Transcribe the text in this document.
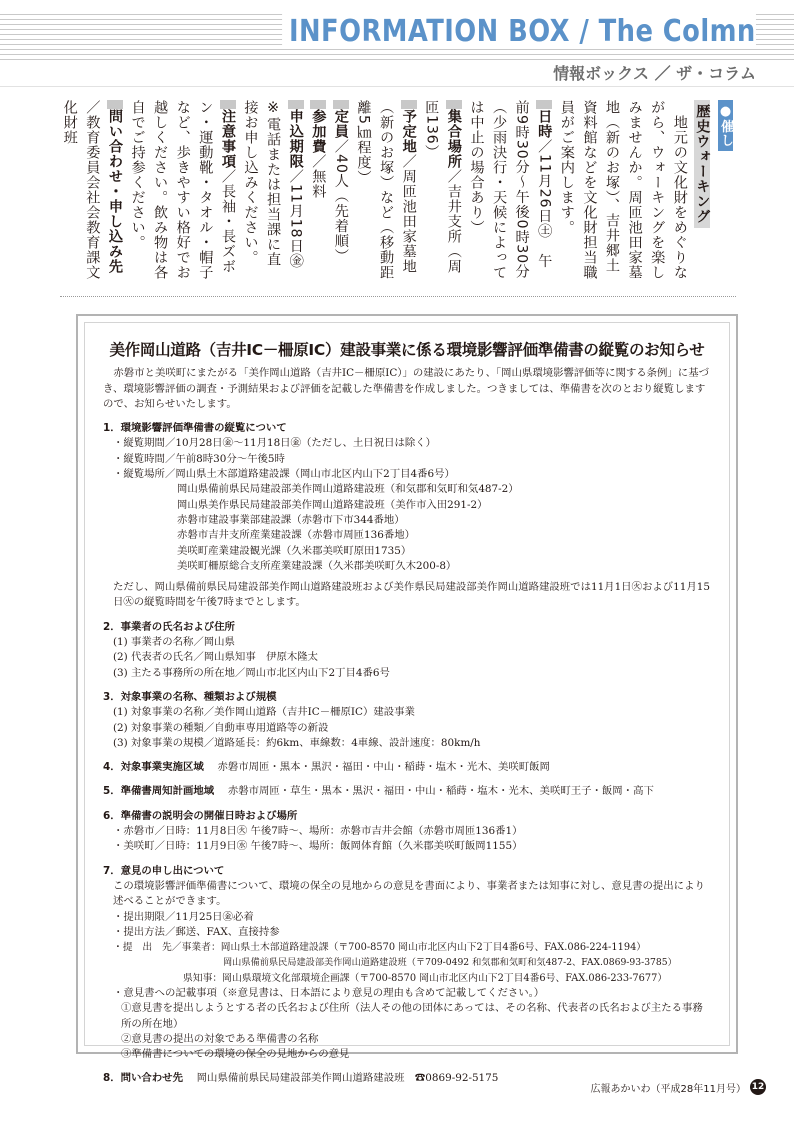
INFORMATION BOX / The Colmn
情報ボックス ／ ザ・コラム

●催し

歴史ウォーキング

　地元の文化財をめぐりながら、ウォーキングを楽しみませんか。周匝池田家墓地（新のお塚）、吉井郷土資料館などを文化財担当職員がご案内します。

日時／11月26日㊏　午前9時30分～午後0時30分（少雨決行・天候によっては中止の場合あり）

集合場所／吉井支所（周匝136）

予定地／周匝池田家墓地（新のお塚）など（移動距離5㎞程度）

定員／40人（先着順）

参加費／無料

申込期限／11月18日㊎

※電話または担当課に直接お申し込みください。

注意事項／長袖・長ズボン・運動靴・タオル・帽子など、歩きやすい格好でお越しください。飲み物は各自でご持参ください。

問い合わせ・申し込み先／教育委員会社会教育課文化財班

美作岡山道路（吉井IC－柵原IC）建設事業に係る環境影響評価準備書の縦覧のお知らせ
赤磐市と美咲町にまたがる「美作岡山道路（吉井IC－柵原IC）」の建設にあたり、「岡山県環境影響評価等に関する条例」に基づき、環境影響評価の調査・予測結果および評価を記載した準備書を作成しました。つきましては、準備書を次のとおり縦覧しますので、お知らせいたします。
1．環境影響評価準備書の縦覧について
・縦覧期間／10月28日㊎～11月18日㊎（ただし、土日祝日は除く）
・縦覧時間／午前8時30分～午後5時
・縦覧場所／岡山県土木部道路建設課（岡山市北区内山下2丁目4番6号）
岡山県備前県民局建設部美作岡山道路建設班（和気郡和気町和気487-2）
岡山県美作県民局建設部美作岡山道路建設班（美作市入田291-2）
赤磐市建設事業部建設課（赤磐市下市344番地）
赤磐市吉井支所産業建設課（赤磐市周匝136番地）
美咲町産業建設観光課（久米郡美咲町原田1735）
美咲町柵原総合支所産業建設課（久米郡美咲町久木200-8）
ただし、岡山県備前県民局建設部美作岡山道路建設班および美作県民局建設部美作岡山道路建設班では11月1日㊋および11月15日㊋の縦覧時間を午後7時までとします。
2．事業者の氏名および住所
(1) 事業者の名称／岡山県
(2) 代表者の氏名／岡山県知事　伊原木隆太
(3) 主たる事務所の所在地／岡山市北区内山下2丁目4番6号
3．対象事業の名称、種類および規模
(1) 対象事業の名称／美作岡山道路（吉井IC－柵原IC）建設事業
(2) 対象事業の種類／自動車専用道路等の新設
(3) 対象事業の規模／道路延長：約6km、車線数：4車線、設計速度：80km/h
4．対象事業実施区域　 赤磐市周匝・黒本・黒沢・福田・中山・稲蒔・塩木・光木、美咲町飯岡
5．準備書周知計画地域　 赤磐市周匝・草生・黒本・黒沢・福田・中山・稲蒔・塩木・光木、美咲町王子・飯岡・高下
6．準備書の説明会の開催日時および場所
・赤磐市／日時：11月8日㊋ 午後7時～、場所：赤磐市吉井会館（赤磐市周匝136番1）
・美咲町／日時：11月9日㊌ 午後7時～、場所：飯岡体育館（久米郡美咲町飯岡1155）
7．意見の申し出について
この環境影響評価準備書について、環境の保全の見地からの意見を書面により、事業者または知事に対し、意見書の提出により述べることができます。
・提出期限／11月25日㊎必着
・提出方法／郵送、FAX、直接持参
・提　出　先／事業者：岡山県土木部道路建設課（〒700-8570 岡山市北区内山下2丁目4番6号、FAX.086-224-1194）
岡山県備前県民局建設部美作岡山道路建設班（〒709-0492 和気郡和気町和気487-2、FAX.0869-93-3785）
県知事：岡山県環境文化部環境企画課（〒700-8570 岡山市北区内山下2丁目4番6号、FAX.086-233-7677）
・意見書への記載事項（※意見書は、日本語により意見の理由も含めて記載してください。）
①意見書を提出しようとする者の氏名および住所（法人その他の団体にあっては、その名称、代表者の氏名および主たる事務所の所在地）
②意見書の提出の対象である準備書の名称
③準備書についての環境の保全の見地からの意見
8．問い合わせ先　 岡山県備前県民局建設部美作岡山道路建設班　☎0869-92-5175
広報あかいわ（平成28年11月号） 12
